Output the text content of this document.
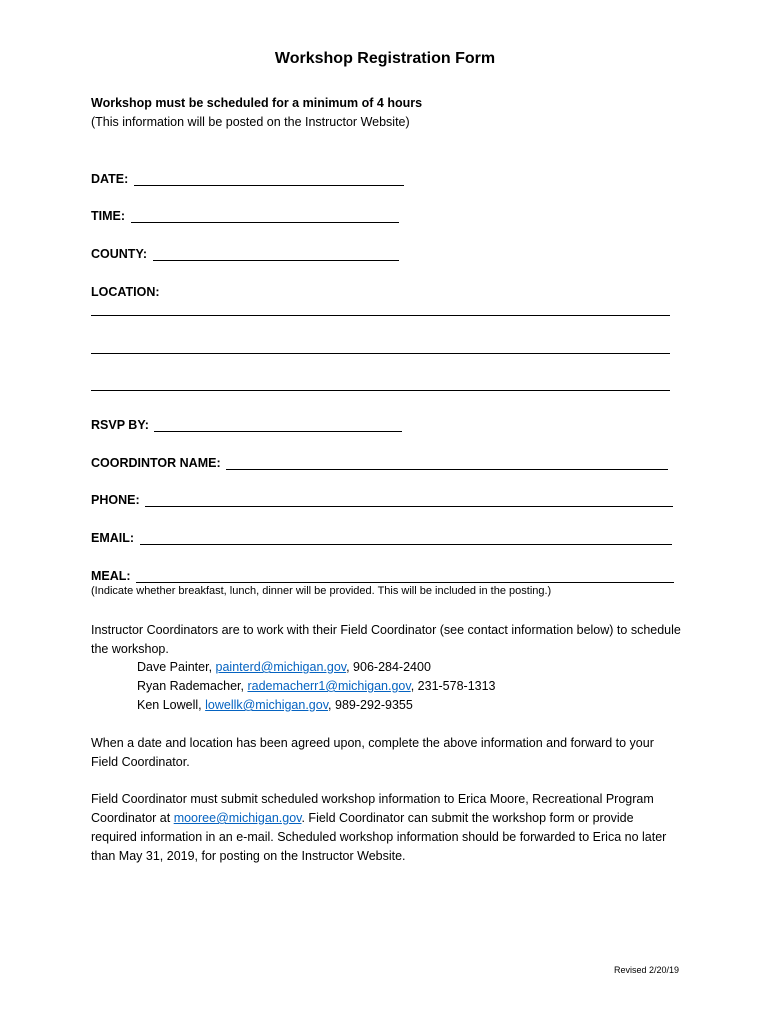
Workshop Registration Form
Workshop must be scheduled for a minimum of 4 hours
(This information will be posted on the Instructor Website)
DATE:
TIME:
COUNTY:
LOCATION:
RSVP BY:
COORDINTOR NAME:
PHONE:
EMAIL:
MEAL:
(Indicate whether breakfast, lunch, dinner will be provided. This will be included in the posting.)
Instructor Coordinators are to work with their Field Coordinator (see contact information below) to schedule the workshop.
Dave Painter, painterd@michigan.gov, 906-284-2400
Ryan Rademacher, rademacherr1@michigan.gov, 231-578-1313
Ken Lowell, lowellk@michigan.gov, 989-292-9355
When a date and location has been agreed upon, complete the above information and forward to your Field Coordinator.
Field Coordinator must submit scheduled workshop information to Erica Moore, Recreational Program Coordinator at mooree@michigan.gov. Field Coordinator can submit the workshop form or provide required information in an e-mail. Scheduled workshop information should be forwarded to Erica no later than May 31, 2019, for posting on the Instructor Website.
Revised 2/20/19
